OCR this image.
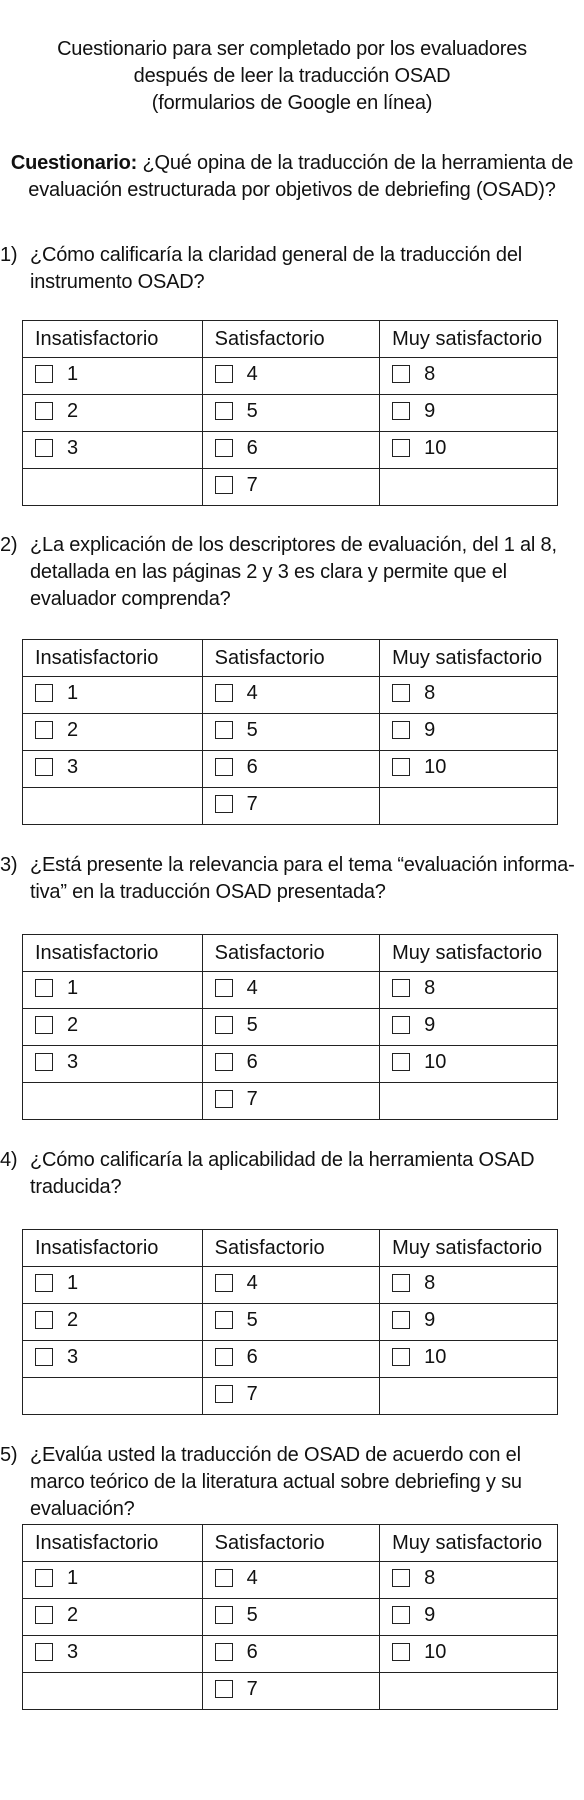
Cuestionario para ser completado por los evaluadores
después de leer la traducción OSAD
(formularios de Google en línea)
Cuestionario: ¿Qué opina de la traducción de la herramienta de
evaluación estructurada por objetivos de debriefing (OSAD)?
1) ¿Cómo calificaría la claridad general de la traducción del instrumento OSAD?
Insatisfactorio	Satisfactorio	Muy satisfactorio

1	4	8

2	5	9

3	6	10

	7	

2) ¿La explicación de los descriptores de evaluación, del 1 al 8, detallada en las páginas 2 y 3 es clara y permite que el evaluador comprenda?
Insatisfactorio	Satisfactorio	Muy satisfactorio

1	4	8

2	5	9

3	6	10

	7	

3) ¿Está presente la relevancia para el tema “evaluación informa-tiva” en la traducción OSAD presentada?
Insatisfactorio	Satisfactorio	Muy satisfactorio

1	4	8

2	5	9

3	6	10

	7	

4) ¿Cómo calificaría la aplicabilidad de la herramienta OSAD traducida?
Insatisfactorio	Satisfactorio	Muy satisfactorio

1	4	8

2	5	9

3	6	10

	7	

5) ¿Evalúa usted la traducción de OSAD de acuerdo con el marco teórico de la literatura actual sobre debriefing y su evaluación?
Insatisfactorio	Satisfactorio	Muy satisfactorio

1	4	8

2	5	9

3	6	10

	7	
